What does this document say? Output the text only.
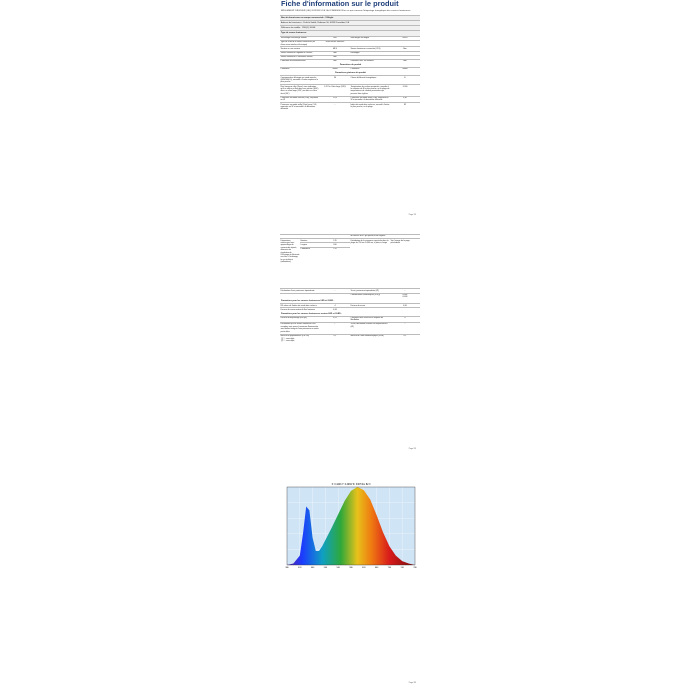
Fiche d'information sur le produit
RÈGLEMENT DÉLÉGUÉ (UE) 2019/2015 DE LA COMMISSION en ce qui concerne l'étiquetage énergétique des sources lumineuses
Nom du fournisseur ou marque commerciale : X-Bright
Adresse du fournisseur : Prolicht GmbH, Robinson 56, 40238 Düsseldorf, DE
Référence du modèle : 1200(C) 2000E
Type de source lumineuse :
Technologie d'éclairage utilisée	LED	Non-dirigée ou dirigée	NDLS
Type de culot de la source lumineuse (ou d'une autre interface électrique)	other electric interface		
Secteur ou non secteur	MLS	Source lumineuse connectée (CLS)	Non
Source lumineuse réglable en couleur	Non	Enveloppe	
Source lumineuse à luminance élevée	Non		
Protection anti-éblouissement	Non	Utilisation avec un variateur	Non
Paramètres du produit
Paramètre	Valeur	Paramètre	Valeur
Paramètres généraux du produit
Consommation d'énergie en mode marche (kWh/1000 h), arrondie à l'entier supérieur le plus proche	30	Classe d'efficacité énergétique	E
Flux lumineux utile (Φuse), avec indication qu'il se réfère au flux dans une sphère (360°), dans un cône large (120°) ou dans un cône étroit (90°)	1 417 in Cône large (120)°	Température de couleur proximale, arrondie à la centaine de K la plus proche, ou la plage de températures de couleur proximales qui peuvent être réglées	3 300
Puissance en mode marche (Pon), exprimée en W	20,3	Puissance en mode veille (Psb), exprimée en W et arrondie à la deuxième décimale	0,30
Puissance en mode veille (Pnet) pour CLS, exprimée en W et arrondie à la deuxième décimale	-	Indice de rendu des couleurs, arrondi à l'entier le plus proche, ou la plage	82
Page 1/3
		de valeurs d'IRC qui peuvent être réglées	
Dimensions extérieures hors appareillage de commande séparé, éléments de régulation de l'éclairage et éléments non liés à l'éclairage, le cas échéant (millimètres)	Hauteur	176	Distribution de la puissance spectrale dans la plage de 250 nm à 800 nm, à pleine charge	Voir l'image de la page précédente
	Largeur	160		
	Profondeur	170		
Déclaration d'une puissance équivalente	-	Si oui, puissance équivalente (W)	-
		Coordonnées chromatiques (x et y)	0,444
0,409
Paramètres pour les sources lumineuses LED et OLED :
R9 valeur de l'indice de rendu des couleurs	4	Facteur de survie	0,90
Facteur de conservation du flux lumineux	0,96		
Paramètres pour les sources lumineuses secteur LED et OLED :
Facteur de déphasage (cos φ1)	0,51	Constance des couleurs en ellipses de MacAdam	6
Déclaration qu'une source lumineuse LED remplace une source lumineuse fluorescente sans ballast intégré d'une puissance en watts particulière	-*	Si oui, déclaration relative au remplacement (W)	-
Mesure du papillotement (Pst LM)	0,1	Mesure de l'effet stroboscopique (SVM)	0,1
(1) '-': sans objet ;
(2) '-': sans objet ;
Page 2/3
X: 0.4443 Y: 0.4094 Tc: 3307 Ra: 82.3
380	420	460	500	540	580	620	660	700	740	780
Page 3/3
